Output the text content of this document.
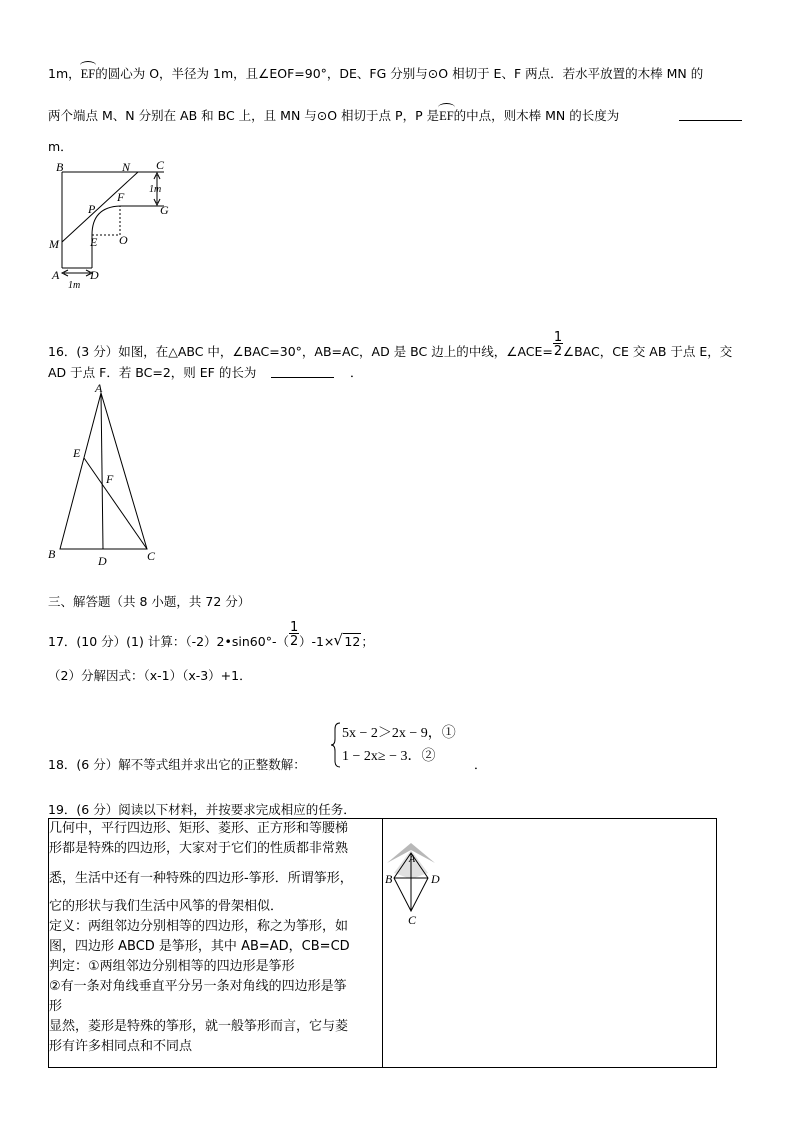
1m，EF的圆心为 O，半径为 1m，且∠EOF=90°，DE、FG 分别与⊙O 相切于 E、F 两点．若水平放置的木棒 MN 的
两个端点 M、N 分别在 AB 和 BC 上，且 MN 与⊙O 相切于点 P，P 是EF的中点，则木棒 MN 的长度为
m．
B	N C
1m
F
G
P
M	E O
A	D
1m
16．(3 分）如图，在△ABC 中，∠BAC=30°，AB=AC，AD 是 BC 边上的中线，∠ACE=
$\frac{1}{2}$
∠BAC，CE 交 AB 于点 E，交
AD 于点 F．若 BC=2，则 EF 的长为	．
A
E
F
B	D	C
三、解答题（共 8 小题，共 72 分）
17．(10 分）(1) 计算：（-2）2•sin60°-（
$\frac{1}{2}$
）-1× √ 12；
（2）分解因式：（x-1）（x-3）+1．
18．(6 分）解不等式组并求出它的正整数解：
5x − 2＞2x − 9，①
1 − 2x≥ − 3．②
．
19．(6 分）阅读以下材料，并按要求完成相应的任务．
几何中，平行四边形、矩形、菱形、正方形和等腰梯
形都是特殊的四边形，大家对于它们的性质都非常熟
悉，生活中还有一种特殊的四边形-筝形．所谓筝形，
它的形状与我们生活中风筝的骨架相似．
定义：两组邻边分别相等的四边形，称之为筝形，如
图，四边形 ABCD 是筝形，其中 AB=AD，CB=CD
判定：①两组邻边分别相等的四边形是筝形
②有一条对角线垂直平分另一条对角线的四边形是筝
形
显然，菱形是特殊的筝形，就一般筝形而言，它与菱
形有许多相同点和不同点

A
B	D
C
